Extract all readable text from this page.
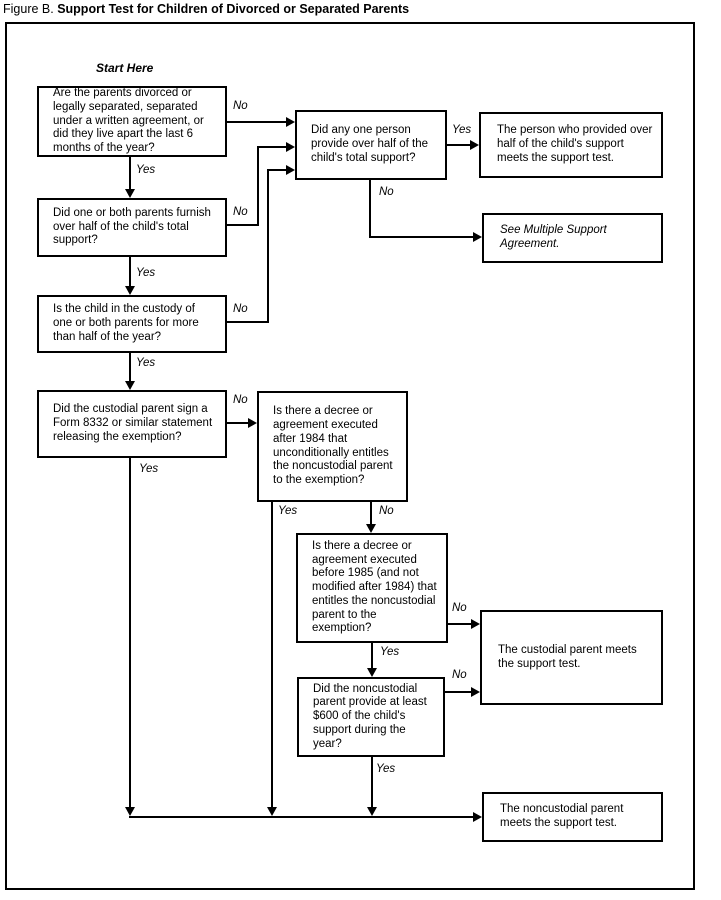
Figure B. Support Test for Children of Divorced or Separated Parents
Start Here
Are the parents divorced or legally separated, separated under a written agreement, or did they live apart the last 6 months of the year?
Did one or both parents furnish over half of the child's total support?
Is the child in the custody of one or both parents for more than half of the year?
Did the custodial parent sign a Form 8332 or similar statement releasing the exemption?
Did any one person provide over half of the child's total support?
The person who provided over half of the child's support meets the support test.
See Multiple Support Agreement.
Is there a decree or agreement executed after 1984 that unconditionally entitles the noncustodial parent to the exemption?
Is there a decree or agreement executed before 1985 (and not modified after 1984) that entitles the noncustodial parent to the exemption?
Did the noncustodial parent provide at least $600 of the child's support during the year?
The custodial parent meets the support test.
The noncustodial parent meets the support test.
No
Yes
No
Yes
No
Yes
Yes
No
No
Yes
Yes	No
Yes
No
No
Yes
